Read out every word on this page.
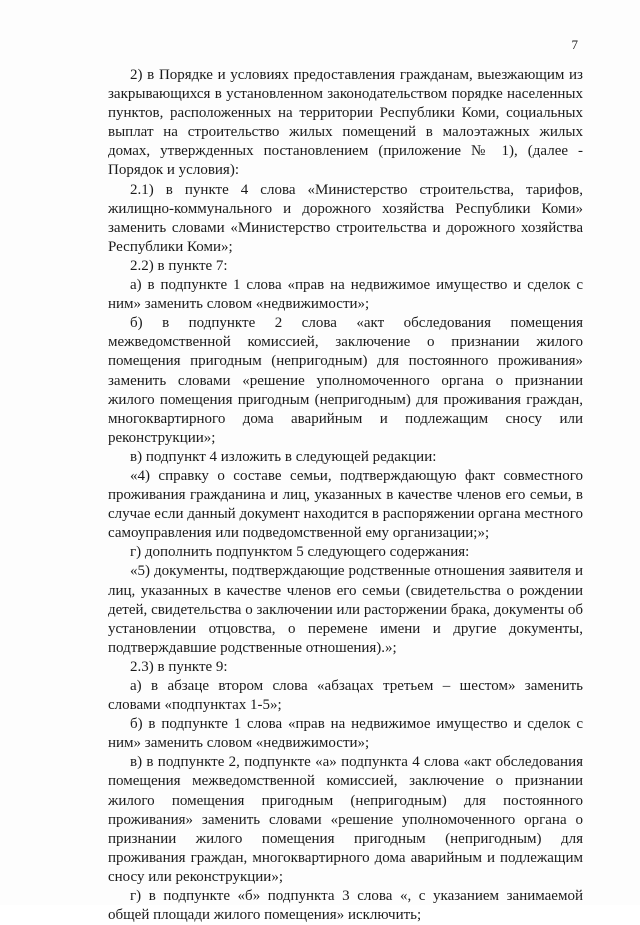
7

2) в Порядке и условиях предоставления гражданам, выезжающим из закрывающихся в установленном законодательством порядке населенных пунктов, расположенных на территории Республики Коми, социальных выплат на строительство жилых помещений в малоэтажных жилых домах, утвержденных постановлением (приложение № 1), (далее - Порядок и условия):

2.1) в пункте 4 слова «Министерство строительства, тарифов, жилищно-коммунального и дорожного хозяйства Республики Коми» заменить словами «Министерство строительства и дорожного хозяйства Республики Коми»;

2.2) в пункте 7:

а) в подпункте 1 слова «прав на недвижимое имущество и сделок с ним» заменить словом «недвижимости»;

б) в подпункте 2 слова «акт обследования помещения межведомственной комиссией, заключение о признании жилого помещения пригодным (непригодным) для постоянного проживания» заменить словами «решение уполномоченного органа о признании жилого помещения пригодным (непригодным) для проживания граждан, многоквартирного дома аварийным и подлежащим сносу или реконструкции»;

в) подпункт 4 изложить в следующей редакции:

«4) справку о составе семьи, подтверждающую факт совместного проживания гражданина и лиц, указанных в качестве членов его семьи, в случае если данный документ находится в распоряжении органа местного самоуправления или подведомственной ему организации;»;

г) дополнить подпунктом 5 следующего содержания:

«5) документы, подтверждающие родственные отношения заявителя и лиц, указанных в качестве членов его семьи (свидетельства о рождении детей, свидетельства о заключении или расторжении брака, документы об установлении отцовства, о перемене имени и другие документы, подтверждавшие родственные отношения).»;

2.3) в пункте 9:

а) в абзаце втором слова «абзацах третьем – шестом» заменить словами «подпунктах 1-5»;

б) в подпункте 1 слова «прав на недвижимое имущество и сделок с ним» заменить словом «недвижимости»;

в) в подпункте 2, подпункте «а» подпункта 4 слова «акт обследования помещения межведомственной комиссией, заключение о признании жилого помещения пригодным (непригодным) для постоянного проживания» заменить словами «решение уполномоченного органа о признании жилого помещения пригодным (непригодным) для проживания граждан, многоквартирного дома аварийным и подлежащим сносу или реконструкции»;

г) в подпункте «б» подпункта 3 слова «, с указанием занимаемой общей площади жилого помещения» исключить;
